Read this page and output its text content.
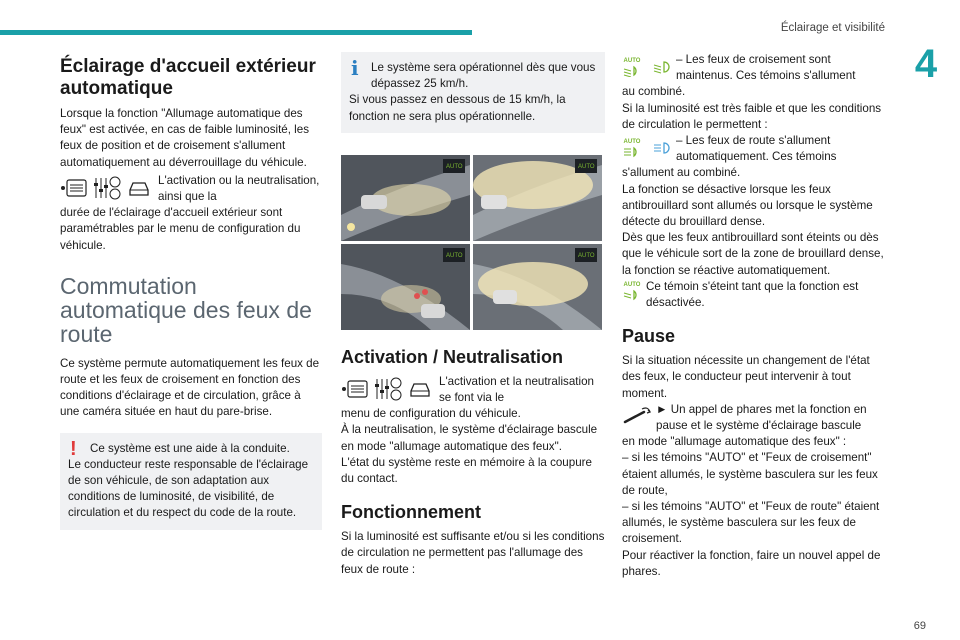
Éclairage et visibilité
4
69
Éclairage d'accueil extérieur automatique

Lorsque la fonction "Allumage automatique des feux" est activée, en cas de faible luminosité, les feux de position et de croisement s'allument automatiquement au déverrouillage du véhicule.

L'activation ou la neutralisation, ainsi que la

durée de l'éclairage d'accueil extérieur sont paramétrables par le menu de configuration du véhicule.

Commutation automatique des feux de route

Ce système permute automatiquement les feux de route et les feux de croisement en fonction des conditions d'éclairage et de circulation, grâce à une caméra située en haut du pare-brise.

!	Ce système est une aide à la conduite.

Le conducteur reste responsable de l'éclairage de son véhicule, de son adaptation aux conditions de luminosité, de visibilité, de circulation et du respect du code de la route.

i	Le système sera opérationnel dès que vous dépassez 25 km/h.

Si vous passez en dessous de 15 km/h, la fonction ne sera plus opérationnelle.

AUTO	AUTO
AUTO	AUTO
Activation / Neutralisation

L'activation et la neutralisation se font via le

menu de configuration du véhicule.

À la neutralisation, le système d'éclairage bascule en mode "allumage automatique des feux".

L'état du système reste en mémoire à la coupure du contact.

Fonctionnement

Si la luminosité est suffisante et/ou si les conditions de circulation ne permettent pas l'allumage des feux de route :

AUTO	– Les feux de croisement sont maintenus. Ces témoins s'allument

au combiné.

Si la luminosité est très faible et que les conditions de circulation le permettent :

AUTO	– Les feux de route s'allument automatiquement. Ces témoins

s'allument au combiné.

La fonction se désactive lorsque les feux antibrouillard sont allumés ou lorsque le système détecte du brouillard dense.

Dès que les feux antibrouillard sont éteints ou dès que le véhicule sort de la zone de brouillard dense, la fonction se réactive automatiquement.

AUTO Ce témoin s'éteint tant que la fonction est désactivée.

Pause

Si la situation nécessite un changement de l'état des feux, le conducteur peut intervenir à tout moment.

► Un appel de phares met la fonction en pause et le système d'éclairage bascule

en mode "allumage automatique des feux" :

– si les témoins "AUTO" et "Feux de croisement" étaient allumés, le système basculera sur les feux de route,

– si les témoins "AUTO" et "Feux de route" étaient allumés, le système basculera sur les feux de croisement.

Pour réactiver la fonction, faire un nouvel appel de phares.
